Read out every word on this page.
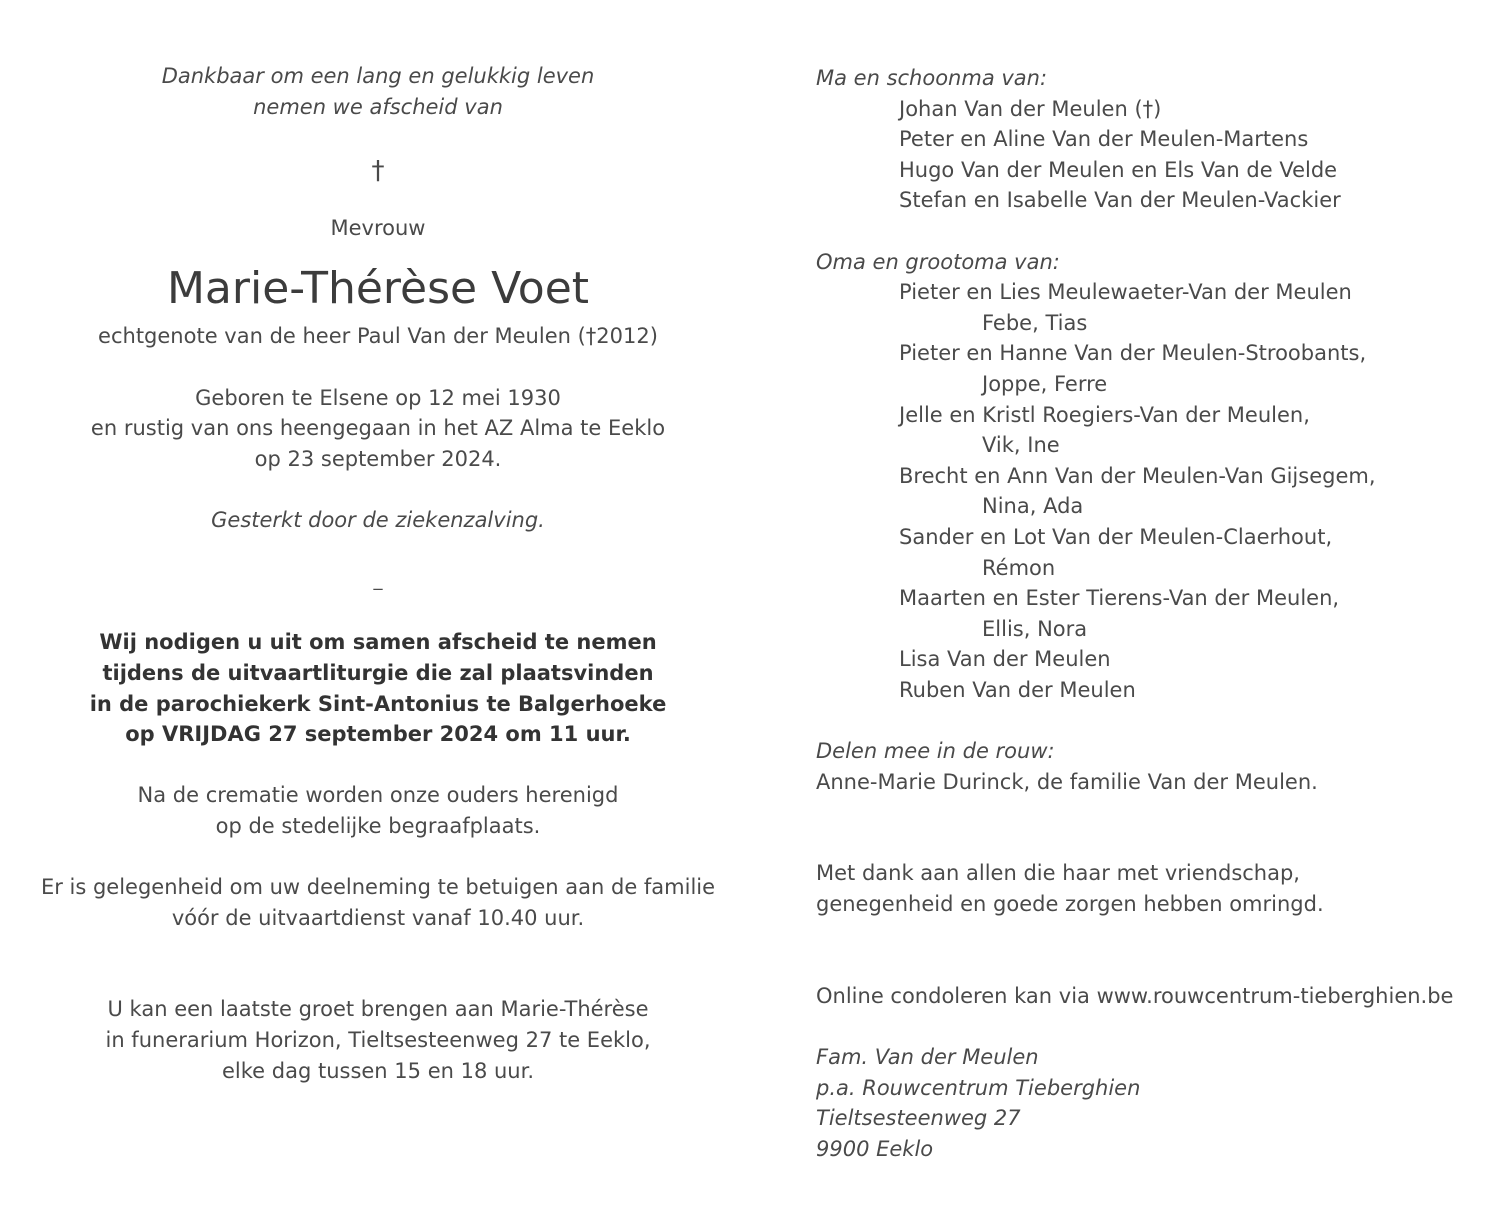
Dankbaar om een lang en gelukkig leven
nemen we afscheid van
†
Mevrouw
Marie-Thérèse Voet
echtgenote van de heer Paul Van der Meulen (†2012)
Geboren te Elsene op 12 mei 1930
en rustig van ons heengegaan in het AZ Alma te Eeklo
op 23 september 2024.
Gesterkt door de ziekenzalving.
_
Wij nodigen u uit om samen afscheid te nemen
tijdens de uitvaartliturgie die zal plaatsvinden
in de parochiekerk Sint-Antonius te Balgerhoeke
op VRIJDAG 27 september 2024 om 11 uur.
Na de crematie worden onze ouders herenigd
op de stedelijke begraafplaats.
Er is gelegenheid om uw deelneming te betuigen aan de familie
vóór de uitvaartdienst vanaf 10.40 uur.
U kan een laatste groet brengen aan Marie-Thérèse
in funerarium Horizon, Tieltsesteenweg 27 te Eeklo,
elke dag tussen 15 en 18 uur.
Ma en schoonma van:
Johan Van der Meulen (†)
Peter en Aline Van der Meulen-Martens
Hugo Van der Meulen en Els Van de Velde
Stefan en Isabelle Van der Meulen-Vackier
Oma en grootoma van:
Pieter en Lies Meulewaeter-Van der Meulen
Febe, Tias
Pieter en Hanne Van der Meulen-Stroobants,
Joppe, Ferre
Jelle en Kristl Roegiers-Van der Meulen,
Vik, Ine
Brecht en Ann Van der Meulen-Van Gijsegem,
Nina, Ada
Sander en Lot Van der Meulen-Claerhout,
Rémon
Maarten en Ester Tierens-Van der Meulen,
Ellis, Nora
Lisa Van der Meulen
Ruben Van der Meulen
Delen mee in de rouw:
Anne-Marie Durinck, de familie Van der Meulen.
Met dank aan allen die haar met vriendschap,
genegenheid en goede zorgen hebben omringd.
Online condoleren kan via www.rouwcentrum-tieberghien.be
Fam. Van der Meulen
p.a. Rouwcentrum Tieberghien
Tieltsesteenweg 27
9900 Eeklo
